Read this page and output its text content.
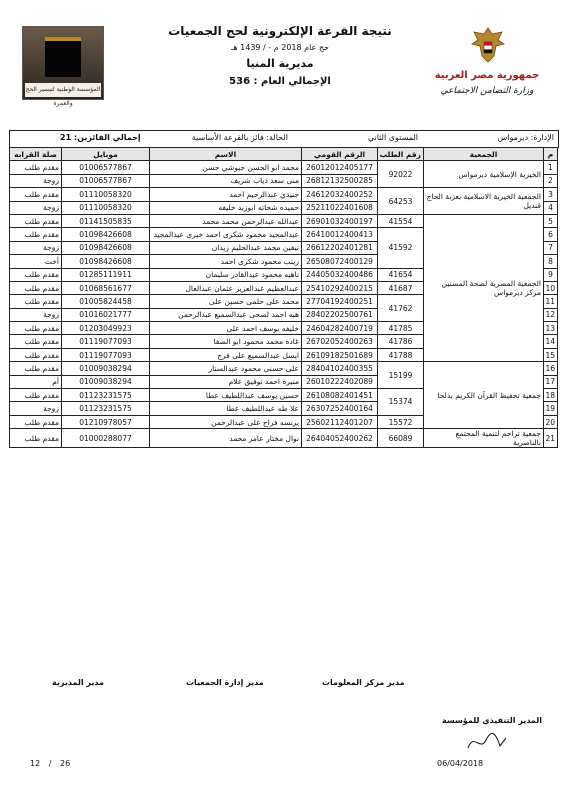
المؤسسة الوطنية لتيسير الحج والعمرة
نتيجة القرعة الإلكترونية لحج الجمعيات
حج عام 2018 م - / 1439 هـ
مديرية المنيا
الإجمالي العام : 536
جمهورية مصر العربية
وزارة التضامن الاجتماعي
الإدارة: ديرمواس
المستوى الثاني
الحالة: فائز بالقرعة الأساسية
إجمالي الفائزين: 21
م	الجمعية	رقم الطلب	الرقم القومي	الاسم	موبايل	صلة القرابه
1	الخيرية الإسلامية ديرمواس	92022	26012012405177	محمد ابو الحسن جيوشي حسن	01006577867	مقدم طلب
2			26812132500285	منى سعد دياب شريف	01006577867	زوجة
3	الجمعية الخيرية الاسلامية بعزبة الحاج قنديل	64253	24612032400252	جنيدي عبدالرحيم احمد	01110058320	مقدم طلب
4			25211022401608	حميده شحاته ابوزيد خليفه	01110058320	زوجة
5	الجمعية المصرية لصحة المسنين مركز ديرمواس	41554	26901032400197	عبدالله عبدالرحمن محمد محمد	01141505835	مقدم طلب
6		41592	26410012400413	عبدالمجيد محمود شكرى احمد خيرى عبدالمجيد	01098426608	مقدم طلب
7			26612202401281	نيفين محمد عبدالحليم زيدان	01098426608	زوجة
8			26508072400129	زينب محمود شكرى احمد	01098426608	أخت
9		41654	24405032400486	ناهيه محمود عبدالقادر سليمان	01285111911	مقدم طلب
10		41687	25410292400215	عبدالعظيم عبدالعزيز عثمان عبدالعال	01068561677	مقدم طلب
11		41762	27704192400251	محمد على حلمى حسين على	01005824458	مقدم طلب
12			28402202500761	هبه احمد لصحى عبدالسميع عبدالرحمن	01016021777	زوجة
13		41785	24604282400719	خليفه يوسف احمد على	01203049923	مقدم طلب
14		41786	26702052400263	غاده محمد محمود ابو الصفا	01119077093	مقدم طلب
15		41788	26109182501689	ايسل عبدالسميع على فرج	01119077093	مقدم طلب
16	جمعية تحفيظ القرآن الكريم بدلجا	15199	28404102400355	على حسنى محمود عبدالستار	01009038294	مقدم طلب
17			26010222402089	منيره احمد توفيق علام	01009038294	أم
18		15374	26108082401451	حسين يوسف عبداللطيف عطا	01123231575	مقدم طلب
19			26307252400164	علا طه عبداللطيف عطا	01123231575	زوجة
20		15572	25602112401207	برنسه فراج على عبدالرحمن	01210978057	مقدم طلب
21	جمعية تراحم لتنمية المجتمع بالناصرية	66089	26404052400262	نوال مختار عامر محمد	01000288077	مقدم طلب
مدير المديرية	مدير إدارة الجمعيات	مدير مركز المعلومات
المدير التنفيذي للمؤسسة
12 / 26	06/04/2018
